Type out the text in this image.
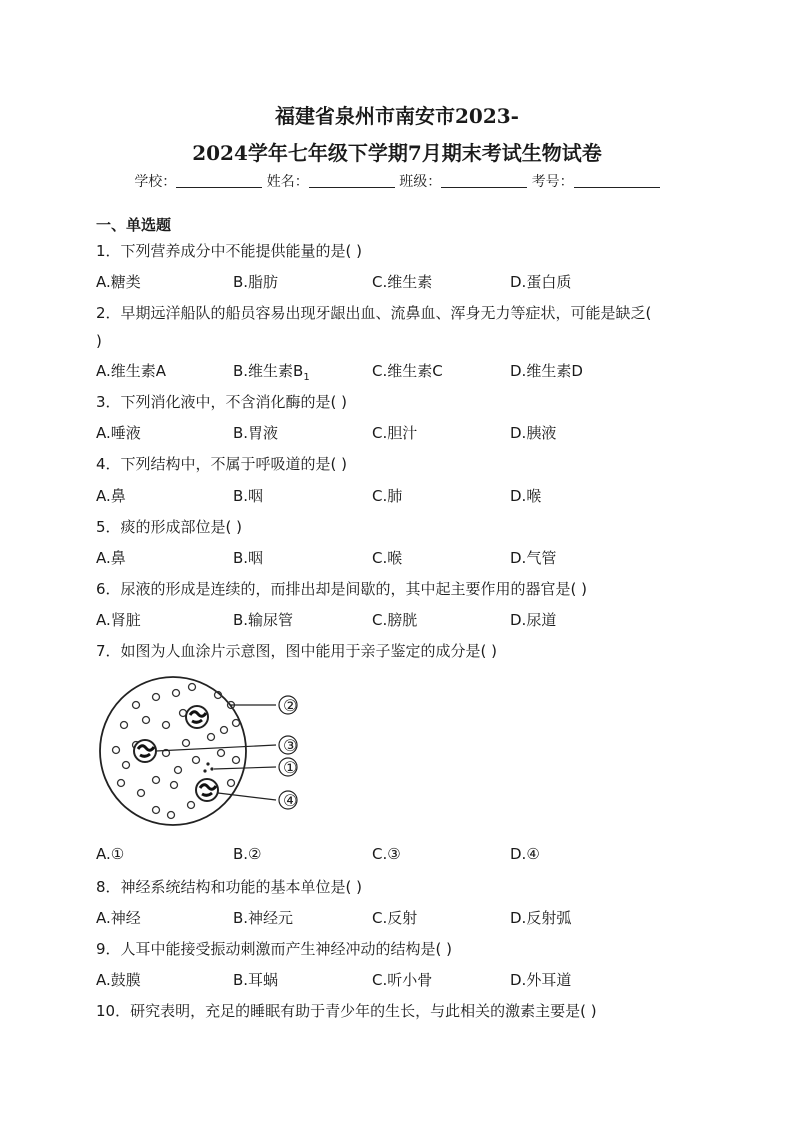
福建省泉州市南安市2023-
2024学年七年级下学期7月期末考试生物试卷
学校：	姓名：	班级：	考号：
一、单选题
1．下列营养成分中不能提供能量的是( )
A.糖类	B.脂肪	C.维生素	D.蛋白质
2．早期远洋船队的船员容易出现牙龈出血、流鼻血、浑身无力等症状，可能是缺乏(
)
A.维生素A	B.维生素$B_1$	C.维生素C	D.维生素D
3．下列消化液中，不含消化酶的是( )
A.唾液	B.胃液	C.胆汁	D.胰液
4．下列结构中，不属于呼吸道的是( )
A.鼻	B.咽	C.肺	D.喉
5．痰的形成部位是( )
A.鼻	B.咽	C.喉	D.气管
6．尿液的形成是连续的，而排出却是间歇的，其中起主要作用的器官是( )
A.肾脏	B.输尿管	C.膀胱	D.尿道
7．如图为人血涂片示意图，图中能用于亲子鉴定的成分是( )
②
③
①
④
A.①	B.②	C.③	D.④
8．神经系统结构和功能的基本单位是( )
A.神经	B.神经元	C.反射	D.反射弧
9．人耳中能接受振动刺激而产生神经冲动的结构是( )
A.鼓膜	B.耳蜗	C.听小骨	D.外耳道
10．研究表明，充足的睡眠有助于青少年的生长，与此相关的激素主要是( )
